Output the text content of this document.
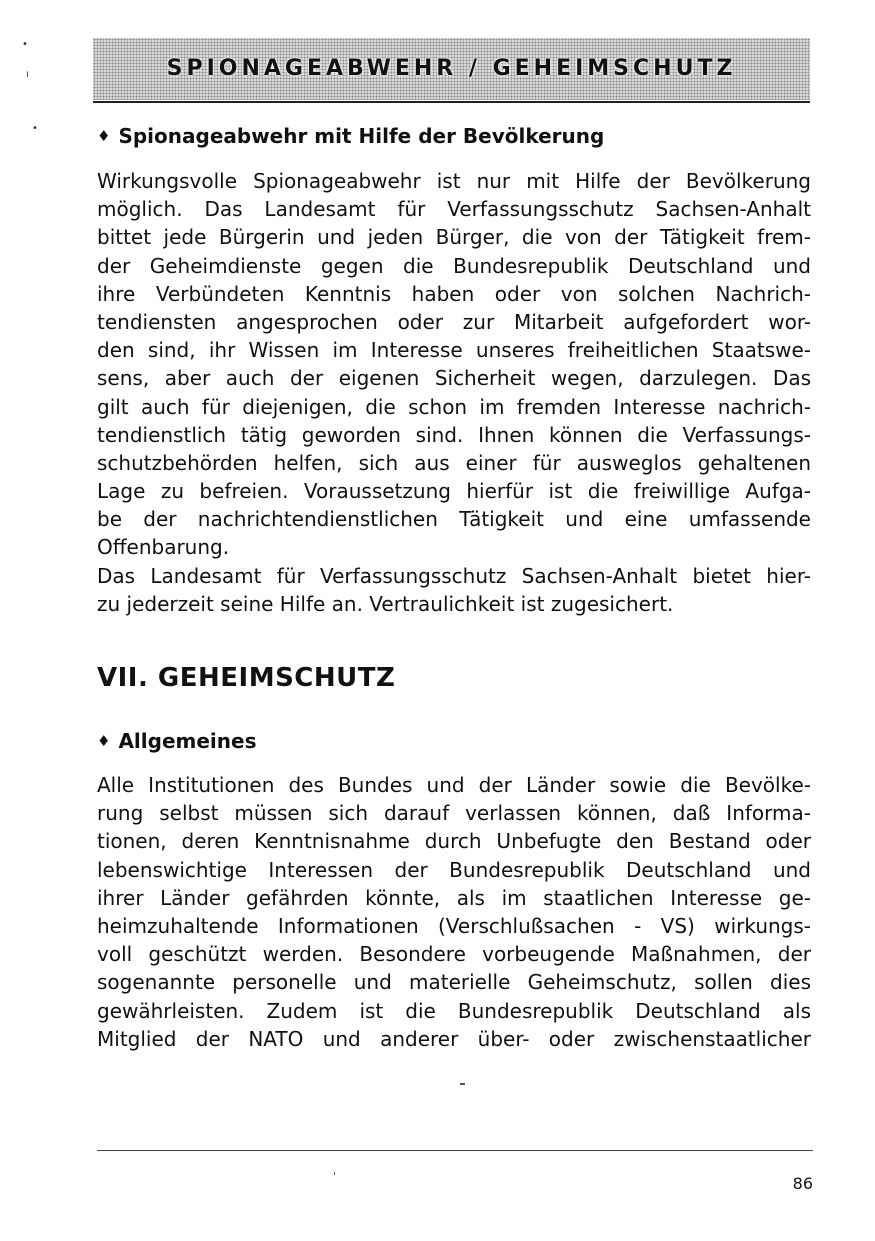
SPIONAGEABWEHR / GEHEIMSCHUTZ
•
ı
•	♦ Spionageabwehr mit Hilfe der Bevölkerung
Wirkungsvolle Spionageabwehr ist nur mit Hilfe der Bevölkerung
möglich. Das Landesamt für Verfassungsschutz Sachsen-Anhalt
bittet jede Bürgerin und jeden Bürger, die von der Tätigkeit frem-
der Geheimdienste gegen die Bundesrepublik Deutschland und
ihre Verbündeten Kenntnis haben oder von solchen Nachrich-
tendiensten angesprochen oder zur Mitarbeit aufgefordert wor-
den sind, ihr Wissen im Interesse unseres freiheitlichen Staatswe-
sens, aber auch der eigenen Sicherheit wegen, darzulegen. Das
gilt auch für diejenigen, die schon im fremden Interesse nachrich-
tendienstlich tätig geworden sind. Ihnen können die Verfassungs-
schutzbehörden helfen, sich aus einer für ausweglos gehaltenen
Lage zu befreien. Voraussetzung hierfür ist die freiwillige Aufga-
be der nachrichtendienstlichen Tätigkeit und eine umfassende
Offenbarung.
Das Landesamt für Verfassungsschutz Sachsen-Anhalt bietet hier-
zu jederzeit seine Hilfe an. Vertraulichkeit ist zugesichert.
VII. GEHEIMSCHUTZ
♦ Allgemeines
Alle Institutionen des Bundes und der Länder sowie die Bevölke-
rung selbst müssen sich darauf verlassen können, daß Informa-
tionen, deren Kenntnisnahme durch Unbefugte den Bestand oder
lebenswichtige Interessen der Bundesrepublik Deutschland und
ihrer Länder gefährden könnte, als im staatlichen Interesse ge-
heimzuhaltende Informationen (Verschlußsachen - VS) wirkungs-
voll geschützt werden. Besondere vorbeugende Maßnahmen, der
sogenannte personelle und materielle Geheimschutz, sollen dies
gewährleisten. Zudem ist die Bundesrepublik Deutschland als
Mitglied der NATO und anderer über- oder zwischenstaatlicher
86
